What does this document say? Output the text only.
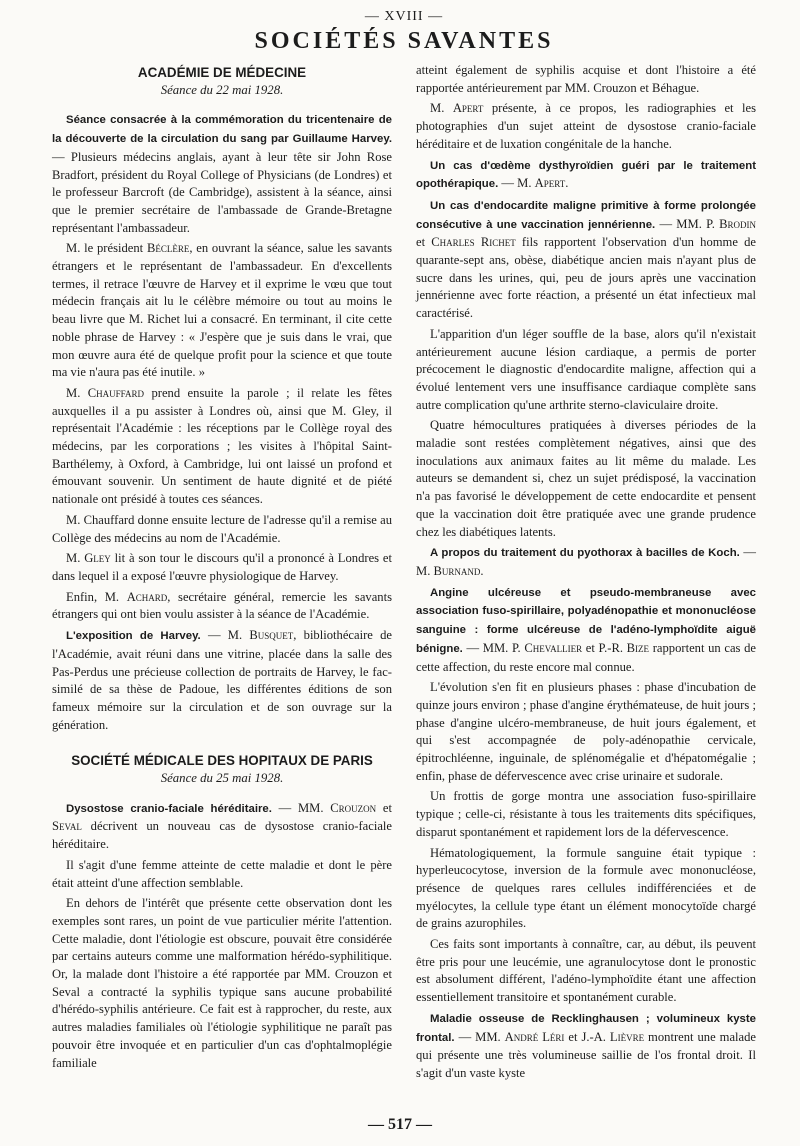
— XVIII —
SOCIÉTÉS SAVANTES
ACADÉMIE DE MÉDECINE
Séance du 22 mai 1928.

Séance consacrée à la commémoration du tricentenaire de la découverte de la circulation du sang par Guillaume Harvey. — Plusieurs médecins anglais, ayant à leur tête sir John Rose Bradfort, président du Royal College of Physicians (de Londres) et le professeur Barcroft (de Cambridge), assistent à la séance, ainsi que le premier secrétaire de l'ambassade de Grande-Bretagne représentant l'ambassadeur.

M. le président Béclère, en ouvrant la séance, salue les savants étrangers et le représentant de l'ambassadeur. En d'excellents termes, il retrace l'œuvre de Harvey et il exprime le vœu que tout médecin français ait lu le célèbre mémoire ou tout au moins le beau livre que M. Richet lui a consacré. En terminant, il cite cette noble phrase de Harvey : « J'espère que je suis dans le vrai, que mon œuvre aura été de quelque profit pour la science et que toute ma vie n'aura pas été inutile. »

M. Chauffard prend ensuite la parole ; il relate les fêtes auxquelles il a pu assister à Londres où, ainsi que M. Gley, il représentait l'Académie : les réceptions par le Collège royal des médecins, par les corporations ; les visites à l'hôpital Saint-Barthélemy, à Oxford, à Cambridge, lui ont laissé un profond et émouvant souvenir. Un sentiment de haute dignité et de piété nationale ont présidé à toutes ces séances.

M. Chauffard donne ensuite lecture de l'adresse qu'il a remise au Collège des médecins au nom de l'Académie.

M. Gley lit à son tour le discours qu'il a prononcé à Londres et dans lequel il a exposé l'œuvre physiologique de Harvey.

Enfin, M. Achard, secrétaire général, remercie les savants étrangers qui ont bien voulu assister à la séance de l'Académie.

L'exposition de Harvey. — M. Busquet, bibliothécaire de l'Académie, avait réuni dans une vitrine, placée dans la salle des Pas-Perdus une précieuse collection de portraits de Harvey, le fac-similé de sa thèse de Padoue, les différentes éditions de son fameux mémoire sur la circulation et de son ouvrage sur la génération.

SOCIÉTÉ MÉDICALE DES HOPITAUX DE PARIS
Séance du 25 mai 1928.

Dysostose cranio-faciale héréditaire. — MM. Crouzon et Seval décrivent un nouveau cas de dysostose cranio-faciale héréditaire.

Il s'agit d'une femme atteinte de cette maladie et dont le père était atteint d'une affection semblable.

En dehors de l'intérêt que présente cette observation dont les exemples sont rares, un point de vue particulier mérite l'attention. Cette maladie, dont l'étiologie est obscure, pouvait être considérée par certains auteurs comme une malformation hérédo-syphilitique. Or, la malade dont l'histoire a été rapportée par MM. Crouzon et Seval a contracté la syphilis typique sans aucune probabilité d'hérédo-syphilis antérieure. Ce fait est à rapprocher, du reste, aux autres maladies familiales où l'étiologie syphilitique ne paraît pas pouvoir être invoquée et en particulier d'un cas d'ophtalmoplégie familiale

atteint également de syphilis acquise et dont l'histoire a été rapportée antérieurement par MM. Crouzon et Béhague.

M. Apert présente, à ce propos, les radiographies et les photographies d'un sujet atteint de dysostose cranio-faciale héréditaire et de luxation congénitale de la hanche.

Un cas d'œdème dysthyroïdien guéri par le traitement opothérapique. — M. Apert.

Un cas d'endocardite maligne primitive à forme prolongée consécutive à une vaccination jennérienne. — MM. P. Brodin et Charles Richet fils rapportent l'observation d'un homme de quarante-sept ans, obèse, diabétique ancien mais n'ayant plus de sucre dans les urines, qui, peu de jours après une vaccination jennérienne avec forte réaction, a présenté un état infectieux mal caractérisé.

L'apparition d'un léger souffle de la base, alors qu'il n'existait antérieurement aucune lésion cardiaque, a permis de porter précocement le diagnostic d'endocardite maligne, affection qui a évolué lentement vers une insuffisance cardiaque complète sans autre complication qu'une arthrite sterno-claviculaire droite.

Quatre hémocultures pratiquées à diverses périodes de la maladie sont restées complètement négatives, ainsi que des inoculations aux animaux faites au lit même du malade. Les auteurs se demandent si, chez un sujet prédisposé, la vaccination n'a pas favorisé le développement de cette endocardite et pensent que la vaccination doit être pratiquée avec une grande prudence chez les diabétiques latents.

A propos du traitement du pyothorax à bacilles de Koch. — M. Burnand.

Angine ulcéreuse et pseudo-membraneuse avec association fuso-spirillaire, polyadénopathie et mononucléose sanguine : forme ulcéreuse de l'adéno-lymphoïdite aiguë bénigne. — MM. P. Chevallier et P.-R. Bize rapportent un cas de cette affection, du reste encore mal connue.

L'évolution s'en fit en plusieurs phases : phase d'incubation de quinze jours environ ; phase d'angine érythémateuse, de huit jours ; phase d'angine ulcéro-membraneuse, de huit jours également, et qui s'est accompagnée de poly-adénopathie cervicale, épitrochléenne, inguinale, de splénomégalie et d'hépatomégalie ; enfin, phase de défervescence avec crise urinaire et sudorale.

Un frottis de gorge montra une association fuso-spirillaire typique ; celle-ci, résistante à tous les traitements dits spécifiques, disparut spontanément et rapidement lors de la défervescence.

Hématologiquement, la formule sanguine était typique : hyperleucocytose, inversion de la formule avec mononucléose, présence de quelques rares cellules indifférenciées et de myélocytes, la cellule type étant un élément monocytoïde chargé de grains azurophiles.

Ces faits sont importants à connaître, car, au début, ils peuvent être pris pour une leucémie, une agranulocytose dont le pronostic est absolument différent, l'adéno-lymphoïdite étant une affection essentiellement transitoire et spontanément curable.

Maladie osseuse de Recklinghausen ; volumineux kyste frontal. — MM. André Léri et J.-A. Lièvre montrent une malade qui présente une très volumineuse saillie de l'os frontal droit. Il s'agit d'un vaste kyste

— 517 —
